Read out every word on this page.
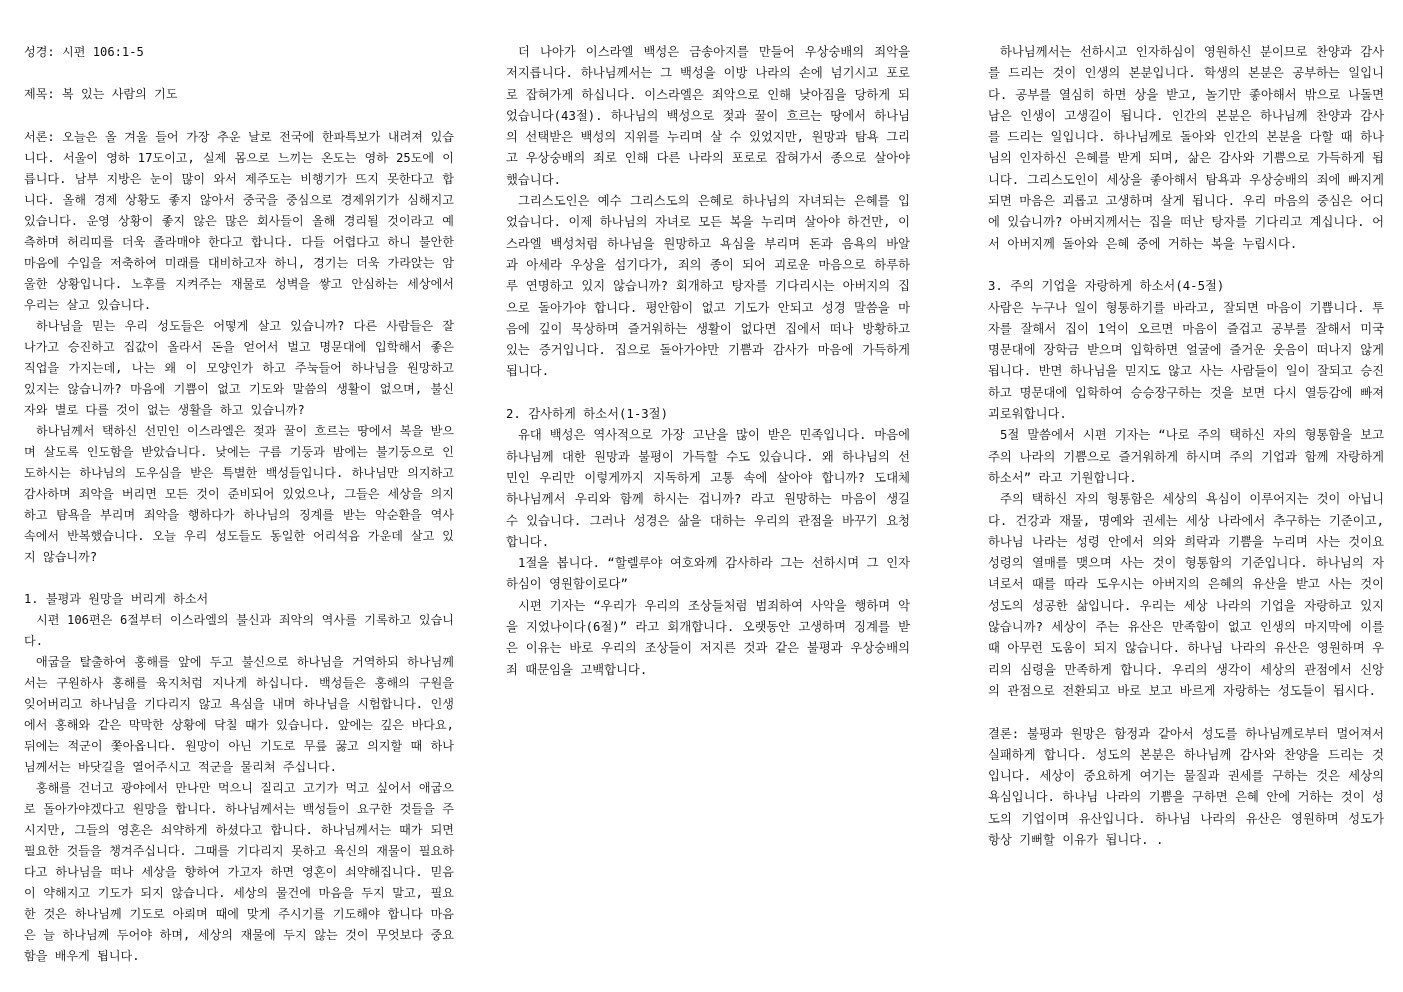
성경: 시편 106:1-5

제목: 복 있는 사람의 기도

서론: 오늘은 올 겨울 들어 가장 추운 날로 전국에 한파특보가 내려져 있습니다. 서울이 영하 17도이고, 실제 몸으로 느끼는 온도는 영하 25도에 이릅니다. 남부 지방은 눈이 많이 와서 제주도는 비행기가 뜨지 못한다고 합니다. 올해 경제 상황도 좋지 않아서 중국을 중심으로 경제위기가 심해지고 있습니다. 운영 상황이 좋지 않은 많은 회사들이 올해 경리될 것이라고 예측하며 허리띠를 더욱 졸라매야 한다고 합니다. 다들 어렵다고 하니 불안한 마음에 수입을 저축하여 미래를 대비하고자 하니, 경기는 더욱 가라앉는 암울한 상황입니다. 노후를 지켜주는 재물로 성벽을 쌓고 안심하는 세상에서 우리는 살고 있습니다.

하나님을 믿는 우리 성도들은 어떻게 살고 있습니까? 다른 사람들은 잘 나가고 승진하고 집값이 올라서 돈을 얻어서 벌고 명문대에 입학해서 좋은 직업을 가지는데, 나는 왜 이 모양인가 하고 주눅들어 하나님을 원망하고 있지는 않습니까? 마음에 기쁨이 없고 기도와 말씀의 생활이 없으며, 불신자와 별로 다를 것이 없는 생활을 하고 있습니까?

하나님께서 택하신 선민인 이스라엘은 젖과 꿀이 흐르는 땅에서 복을 받으며 살도록 인도함을 받았습니다. 낮에는 구름 기둥과 밤에는 불기둥으로 인도하시는 하나님의 도우심을 받은 특별한 백성들입니다. 하나님만 의지하고 감사하며 죄악을 버리면 모든 것이 준비되어 있었으나, 그들은 세상을 의지하고 탐욕을 부리며 죄악을 행하다가 하나님의 징계를 받는 악순환을 역사 속에서 반복했습니다. 오늘 우리 성도들도 동일한 어리석음 가운데 살고 있지 않습니까?

1. 불평과 원망을 버리게 하소서

시편 106편은 6절부터 이스라엘의 불신과 죄악의 역사를 기록하고 있습니다.

애굽을 탈출하여 홍해를 앞에 두고 불신으로 하나님을 거역하되 하나님께서는 구원하사 홍해를 육지처럼 지나게 하십니다. 백성들은 홍해의 구원을 잊어버리고 하나님을 기다리지 않고 욕심을 내며 하나님을 시험합니다. 인생에서 홍해와 같은 막막한 상황에 닥칠 때가 있습니다. 앞에는 깊은 바다요, 뒤에는 적군이 쫓아옵니다. 원망이 아닌 기도로 무릎 꿇고 의지할 때 하나님께서는 바닷길을 열어주시고 적군을 물리쳐 주십니다.

홍해를 건너고 광야에서 만나만 먹으니 질리고 고기가 먹고 싶어서 애굽으로 돌아가야겠다고 원망을 합니다. 하나님께서는 백성들이 요구한 것들을 주시지만, 그들의 영혼은 쇠약하게 하셨다고 합니다. 하나님께서는 때가 되면 필요한 것들을 챙겨주십니다. 그때를 기다리지 못하고 육신의 재물이 필요하다고 하나님을 떠나 세상을 향하여 가고자 하면 영혼이 쇠약해집니다. 믿음이 약해지고 기도가 되지 않습니다. 세상의 물건에 마음을 두지 말고, 필요한 것은 하나님께 기도로 아뢰며 때에 맞게 주시기를 기도해야 합니다 마음은 늘 하나님께 두어야 하며, 세상의 재물에 두지 않는 것이 무엇보다 중요함을 배우게 됩니다.

더 나아가 이스라엘 백성은 금송아지를 만들어 우상숭배의 죄악을 저지릅니다. 하나님께서는 그 백성을 이방 나라의 손에 넘기시고 포로로 잡혀가게 하십니다. 이스라엘은 죄악으로 인해 낮아짐을 당하게 되었습니다(43절). 하나님의 백성으로 젖과 꿀이 흐르는 땅에서 하나님의 선택받은 백성의 지위를 누리며 살 수 있었지만, 원망과 탐욕 그리고 우상숭배의 죄로 인해 다른 나라의 포로로 잡혀가서 종으로 살아야 했습니다.

그리스도인은 예수 그리스도의 은혜로 하나님의 자녀되는 은혜를 입었습니다. 이제 하나님의 자녀로 모든 복을 누리며 살아야 하건만, 이스라엘 백성처럼 하나님을 원망하고 욕심을 부리며 돈과 음욕의 바알과 아세라 우상을 섬기다가, 죄의 종이 되어 괴로운 마음으로 하루하루 연명하고 있지 않습니까? 회개하고 탕자를 기다리시는 아버지의 집으로 돌아가야 합니다. 평안함이 없고 기도가 안되고 성경 말씀을 마음에 깊이 묵상하며 즐거워하는 생활이 없다면 집에서 떠나 방황하고 있는 증거입니다. 집으로 돌아가야만 기쁨과 감사가 마음에 가득하게 됩니다.

2. 감사하게 하소서(1-3절)

유대 백성은 역사적으로 가장 고난을 많이 받은 민족입니다. 마음에 하나님께 대한 원망과 불평이 가득할 수도 있습니다. 왜 하나님의 선민인 우리만 이렇게까지 지독하게 고통 속에 살아야 합니까? 도대체 하나님께서 우리와 함께 하시는 겁니까? 라고 원망하는 마음이 생길 수 있습니다. 그러나 성경은 삶을 대하는 우리의 관점을 바꾸기 요청합니다.

1절을 봅니다. “할렐루야 여호와께 감사하라 그는 선하시며 그 인자하심이 영원함이로다”

시편 기자는 “우리가 우리의 조상들처럼 범죄하여 사악을 행하며 악을 지었나이다(6절)” 라고 회개합니다. 오랫동안 고생하며 징계를 받은 이유는 바로 우리의 조상들이 저지른 것과 같은 불평과 우상숭배의 죄 때문임을 고백합니다.

하나님께서는 선하시고 인자하심이 영원하신 분이므로 찬양과 감사를 드리는 것이 인생의 본분입니다. 학생의 본분은 공부하는 일입니다. 공부를 열심히 하면 상을 받고, 놀기만 좋아해서 밖으로 나돌면 남은 인생이 고생길이 됩니다. 인간의 본분은 하나님께 찬양과 감사를 드리는 일입니다. 하나님께로 돌아와 인간의 본분을 다할 때 하나님의 인자하신 은혜를 받게 되며, 삶은 감사와 기쁨으로 가득하게 됩니다. 그리스도인이 세상을 좋아해서 탐욕과 우상숭배의 죄에 빠지게 되면 마음은 괴롭고 고생하며 살게 됩니다. 우리 마음의 중심은 어디에 있습니까? 아버지께서는 집을 떠난 탕자를 기다리고 계십니다. 어서 아버지께 돌아와 은혜 중에 거하는 복을 누립시다.

3. 주의 기업을 자랑하게 하소서(4-5절)

사람은 누구나 일이 형통하기를 바라고, 잘되면 마음이 기쁩니다. 투자를 잘해서 집이 1억이 오르면 마음이 즐겁고 공부를 잘해서 미국 명문대에 장학금 받으며 입학하면 얼굴에 즐거운 웃음이 떠나지 않게 됩니다. 반면 하나님을 믿지도 않고 사는 사람들이 일이 잘되고 승진하고 명문대에 입학하여 승승장구하는 것을 보면 다시 열등감에 빠져 괴로워합니다.

5절 말씀에서 시편 기자는 “나로 주의 택하신 자의 형통함을 보고 주의 나라의 기쁨으로 즐거워하게 하시며 주의 기업과 함께 자랑하게 하소서” 라고 기원합니다.

주의 택하신 자의 형통함은 세상의 욕심이 이루어지는 것이 아닙니다. 건강과 재물, 명예와 권세는 세상 나라에서 추구하는 기준이고, 하나님 나라는 성령 안에서 의와 희락과 기쁨을 누리며 사는 것이요 성령의 열매를 맺으며 사는 것이 형통함의 기준입니다. 하나님의 자녀로서 때를 따라 도우시는 아버지의 은혜의 유산을 받고 사는 것이 성도의 성공한 삶입니다. 우리는 세상 나라의 기업을 자랑하고 있지 않습니까? 세상이 주는 유산은 만족함이 없고 인생의 마지막에 이를 때 아무런 도움이 되지 않습니다. 하나님 나라의 유산은 영원하며 우리의 심령을 만족하게 합니다. 우리의 생각이 세상의 관점에서 신앙의 관점으로 전환되고 바로 보고 바르게 자랑하는 성도들이 됩시다.

결론: 불평과 원망은 함정과 같아서 성도를 하나님께로부터 멀어져서 실패하게 합니다. 성도의 본분은 하나님께 감사와 찬양을 드리는 것입니다. 세상이 중요하게 여기는 물질과 권세를 구하는 것은 세상의 욕심입니다. 하나님 나라의 기쁨을 구하면 은혜 안에 거하는 것이 성도의 기업이며 유산입니다. 하나님 나라의 유산은 영원하며 성도가 항상 기뻐할 이유가 됩니다. .
